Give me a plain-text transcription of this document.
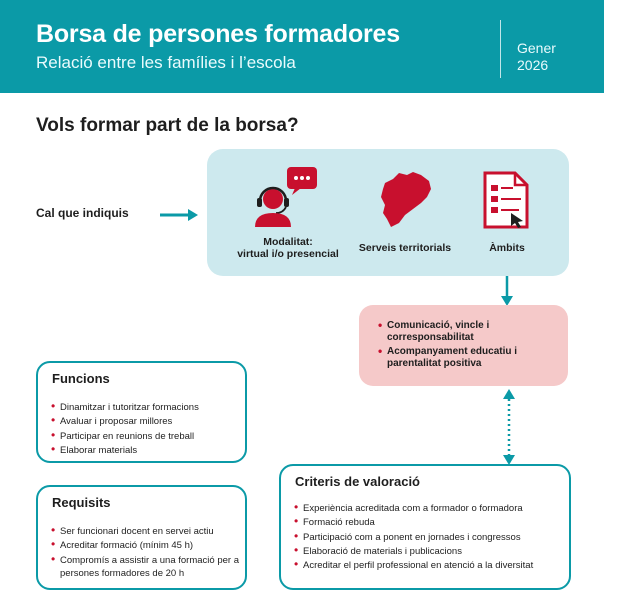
Borsa de persones formadores
Relació entre les famílies i l’escola
Gener
2026
Vols formar part de la borsa?
Cal que indiquis
Modalitat:
virtual i/o presencial	Serveis territorials	Àmbits
• Comunicació, vincle i corresponsabilitat
• Acompanyament educatiu i parentalitat positiva
Funcions
• Dinamitzar i tutoritzar formacions
• Avaluar i proposar millores
• Participar en reunions de treball
• Elaborar materials
Requisits
• Ser funcionari docent en servei actiu
• Acreditar formació (mínim 45 h)
• Compromís a assistir a una formació per a persones formadores de 20 h
Criteris de valoració
• Experiència acreditada com a formador o formadora
• Formació rebuda
• Participació com a ponent en jornades i congressos
• Elaboració de materials i publicacions
• Acreditar el perfil professional en atenció a la diversitat
